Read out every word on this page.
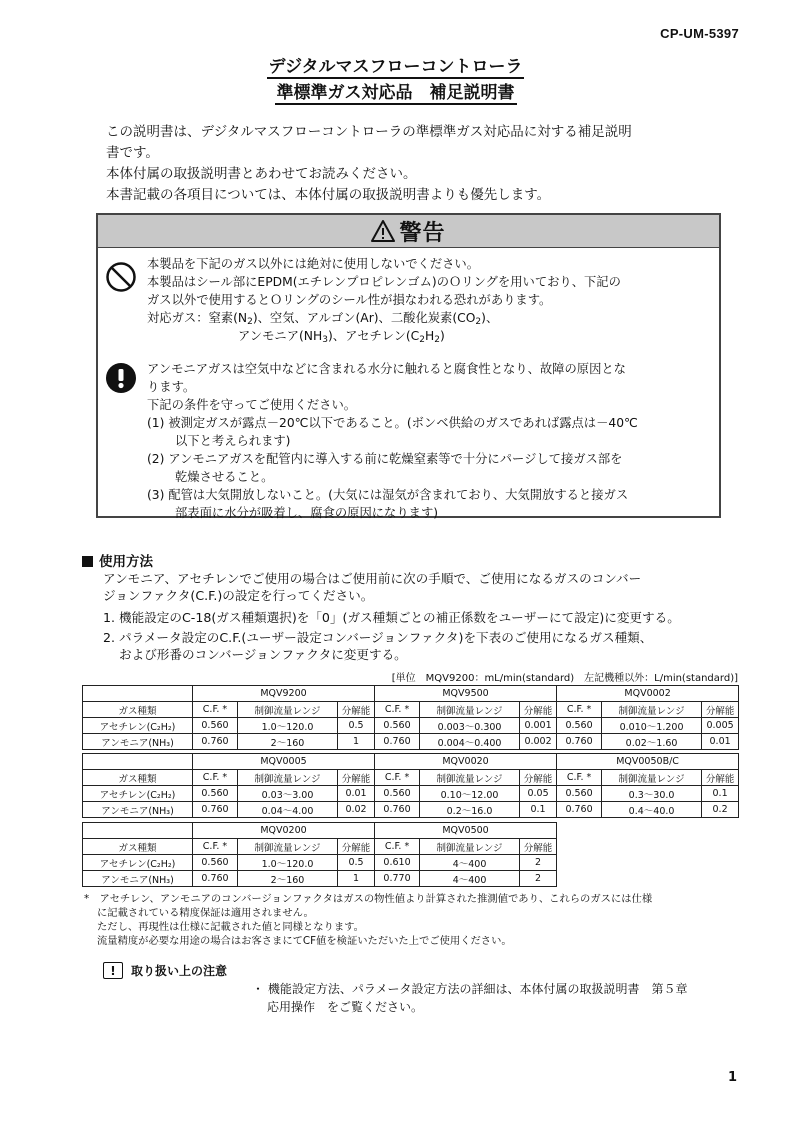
CP-UM-5397
デジタルマスフローコントローラ
準標準ガス対応品　補足説明書
この説明書は、デジタルマスフローコントローラの準標準ガス対応品に対する補足説明
書です。
本体付属の取扱説明書とあわせてお読みください。
本書記載の各項目については、本体付属の取扱説明書よりも優先します。
警告
本製品を下記のガス以外には絶対に使用しないでください。
本製品はシール部にEPDM(エチレンプロピレンゴム)のＯリングを用いており、下記の
ガス以外で使用するとＯリングのシール性が損なわれる恐れがあります。
対応ガス：窒素$(N_2)$、空気、アルゴン(Ar)、二酸化炭素$(CO_2)$、
アンモニア$(NH_3)$、アセチレン$(C_2H_2)$
アンモニアガスは空気中などに含まれる水分に触れると腐食性となり、故障の原因とな
ります。
下記の条件を守ってご使用ください。
(1) 被測定ガスが露点－20℃以下であること。(ボンベ供給のガスであれば露点は－40℃
以下と考えられます)
(2) アンモニアガスを配管内に導入する前に乾燥窒素等で十分にパージして接ガス部を
乾燥させること。
(3) 配管は大気開放しないこと。(大気には湿気が含まれており、大気開放すると接ガス
部表面に水分が吸着し、腐食の原因になります)
使用方法
アンモニア、アセチレンでご使用の場合はご使用前に次の手順で、ご使用になるガスのコンバー
ジョンファクタ(C.F.)の設定を行ってください。
1. 機能設定のC-18(ガス種類選択)を「0」(ガス種類ごとの補正係数をユーザーにて設定)に変更する。
2. パラメータ設定のC.F.(ユーザー設定コンバージョンファクタ)を下表のご使用になるガス種類、
および形番のコンバージョンファクタに変更する。
[単位　MQV9200：mL/min(standard)　左記機種以外：L/min(standard)]
	MQV9200			MQV9500			MQV0002		
ガス種類	C.F. *	制御流量レンジ	分解能	C.F. *	制御流量レンジ	分解能	C.F. *	制御流量レンジ	分解能
アセチレン(C₂H₂)	0.560	1.0～120.0	0.5	0.560	0.003～0.300	0.001	0.560	0.010～1.200	0.005
アンモニア(NH₃)	0.760	2～160	1	0.760	0.004～0.400	0.002	0.760	0.02～1.60	0.01
	MQV0005			MQV0020			MQV0050B/C		
ガス種類	C.F. *	制御流量レンジ	分解能	C.F. *	制御流量レンジ	分解能	C.F. *	制御流量レンジ	分解能
アセチレン(C₂H₂)	0.560	0.03～3.00	0.01	0.560	0.10～12.00	0.05	0.560	0.3～30.0	0.1
アンモニア(NH₃)	0.760	0.04～4.00	0.02	0.760	0.2～16.0	0.1	0.760	0.4～40.0	0.2
	MQV0200			MQV0500		
ガス種類	C.F. *	制御流量レンジ	分解能	C.F. *	制御流量レンジ	分解能
アセチレン(C₂H₂)	0.560	1.0～120.0	0.5	0.610	4～400	2
アンモニア(NH₃)	0.760	2～160	1	0.770	4～400	2
*　アセチレン、アンモニアのコンバージョンファクタはガスの物性値より計算された推測値であり、これらのガスには仕様
に記載されている精度保証は適用されません。
ただし、再現性は仕様に記載された値と同様となります。
流量精度が必要な用途の場合はお客さまにてCF値を検証いただいた上でご使用ください。
!	取り扱い上の注意
・ 機能設定方法、パラメータ設定方法の詳細は、本体付属の取扱説明書　第５章
応用操作　をご覧ください。
1
